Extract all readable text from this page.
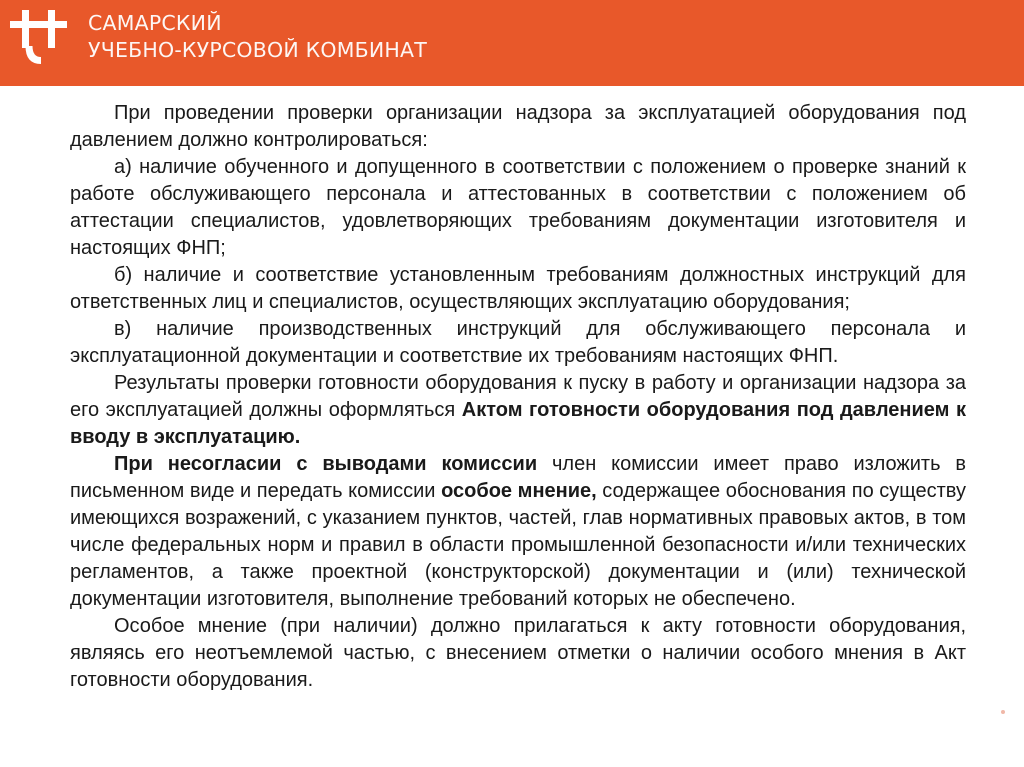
САМАРСКИЙ
УЧЕБНО-КУРСОВОЙ КОМБИНАТ

При проведении проверки организации надзора за эксплуатацией оборудования под давлением должно контролироваться:

а) наличие обученного и допущенного в соответствии с положением о проверке знаний к работе обслуживающего персонала и аттестованных в соответствии с положением об аттестации специалистов, удовлетворяющих требованиям документации изготовителя и настоящих ФНП;

б) наличие и соответствие установленным требованиям должностных инструкций для ответственных лиц и специалистов, осуществляющих эксплуатацию оборудования;

в) наличие производственных инструкций для обслуживающего персонала и эксплуатационной документации и соответствие их требованиям настоящих ФНП.

Результаты проверки готовности оборудования к пуску в работу и организации надзора за его эксплуатацией должны оформляться Актом готовности оборудования под давлением к вводу в эксплуатацию.

При несогласии с выводами комиссии член комиссии имеет право изложить в письменном виде и передать комиссии особое мнение, содержащее обоснования по существу имеющихся возражений, с указанием пунктов, частей, глав нормативных правовых актов, в том числе федеральных норм и правил в области промышленной безопасности и/или технических регламентов, а также проектной (конструкторской) документации и (или) технической документации изготовителя, выполнение требований которых не обеспечено.

Особое мнение (при наличии) должно прилагаться к акту готовности оборудования, являясь его неотъемлемой частью, с внесением отметки о наличии особого мнения в Акт готовности оборудования.
